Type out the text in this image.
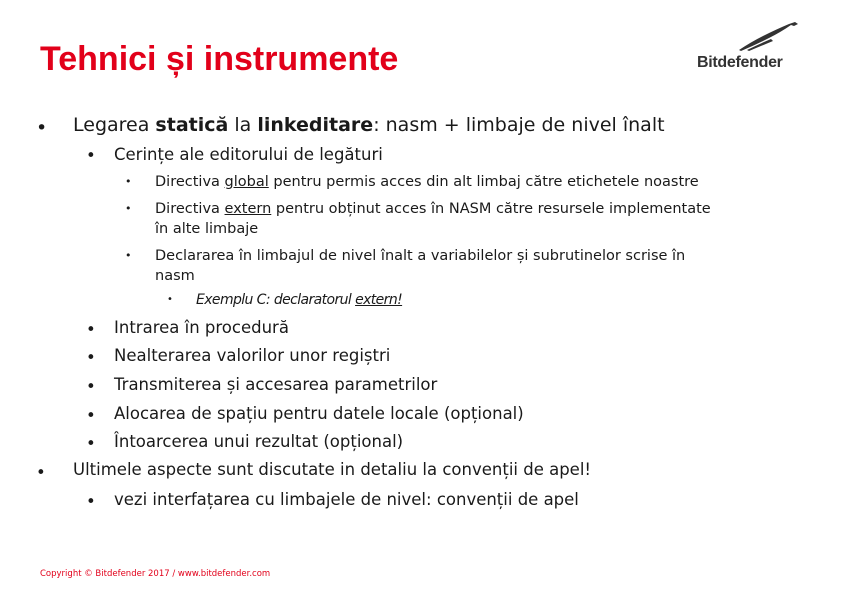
Tehnici și instrumente	Bitdefender
• Legarea statică la linkeditare: nasm + limbaje de nivel înalt
• Cerințe ale editorului de legături
• Directiva global pentru permis acces din alt limbaj către etichetele noastre
• Directiva extern pentru obținut acces în NASM către resursele implementate
în alte limbaje
• Declararea în limbajul de nivel înalt a variabilelor și subrutinelor scrise în
nasm
• Exemplu C: declaratorul extern!
• Intrarea în procedură
• Nealterarea valorilor unor regiștri
• Transmiterea și accesarea parametrilor
• Alocarea de spațiu pentru datele locale (opțional)
• Întoarcerea unui rezultat (opțional)
• Ultimele aspecte sunt discutate in detaliu la convenții de apel!
• vezi interfațarea cu limbajele de nivel: convenții de apel
Copyright © Bitdefender 2017 / www.bitdefender.com
